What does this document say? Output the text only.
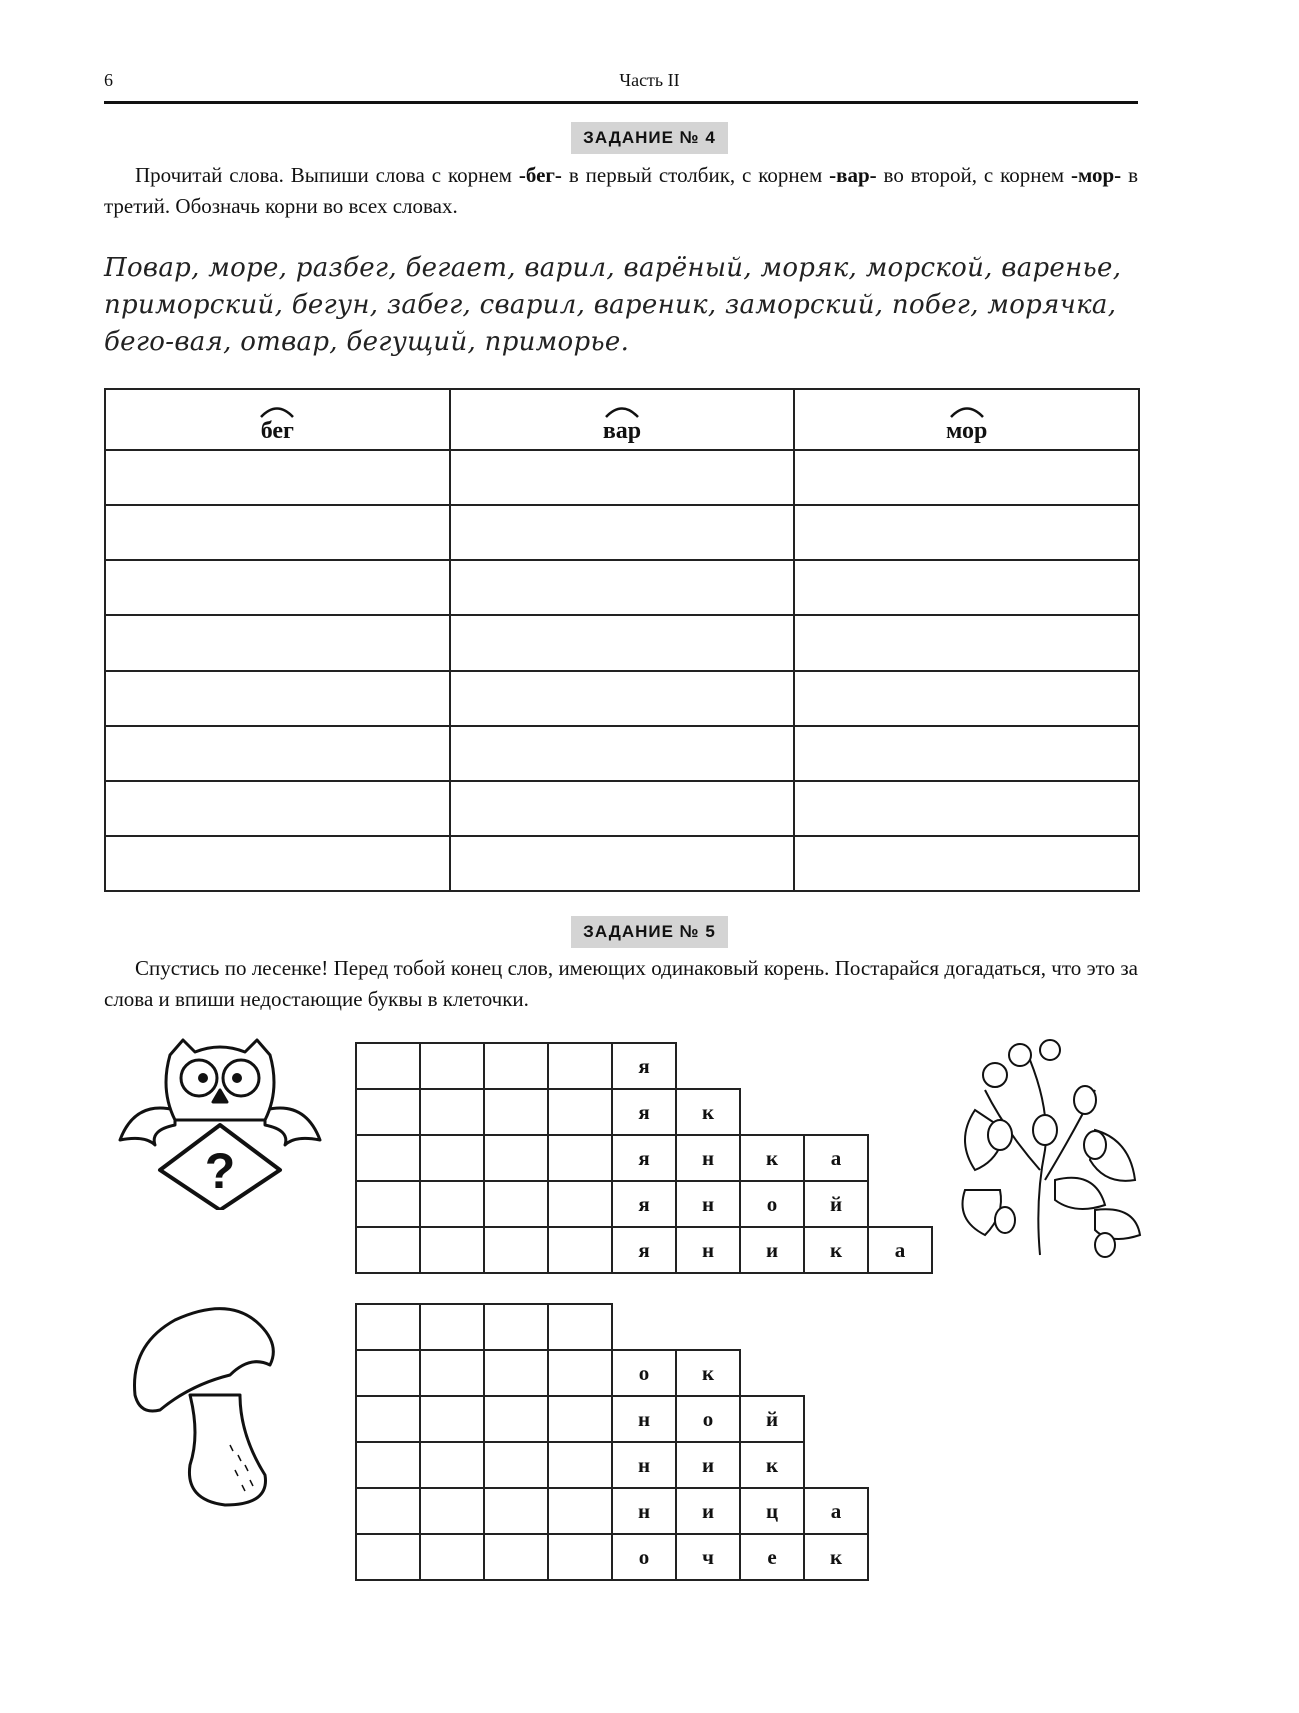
6	Часть II
ЗАДАНИЕ № 4
Прочитай слова. Выпиши слова с корнем -бег- в первый столбик, с корнем -вар- во второй, с корнем -мор- в третий. Обозначь корни во всех словах.
Повар, море, разбег, бегает, варил, варёный, моряк, морской, варенье, приморский, бегун, забег, сварил, вареник, заморский, побег, морячка, бего-вая, отвар, бегущий, приморье.
бег	вар	мор

ЗАДАНИЕ № 5
Спустись по лесенке! Перед тобой конец слов, имеющих одинаковый корень. Постарайся догадаться, что это за слова и впиши недостающие буквы в клеточки.
?
				я				
				я	к			
				я	н	к	а	
				я	н	о	й	
				я	н	и	к	а

				о	к		
				н	о	й	
				н	и	к	
				н	и	ц	а
				о	ч	е	к
